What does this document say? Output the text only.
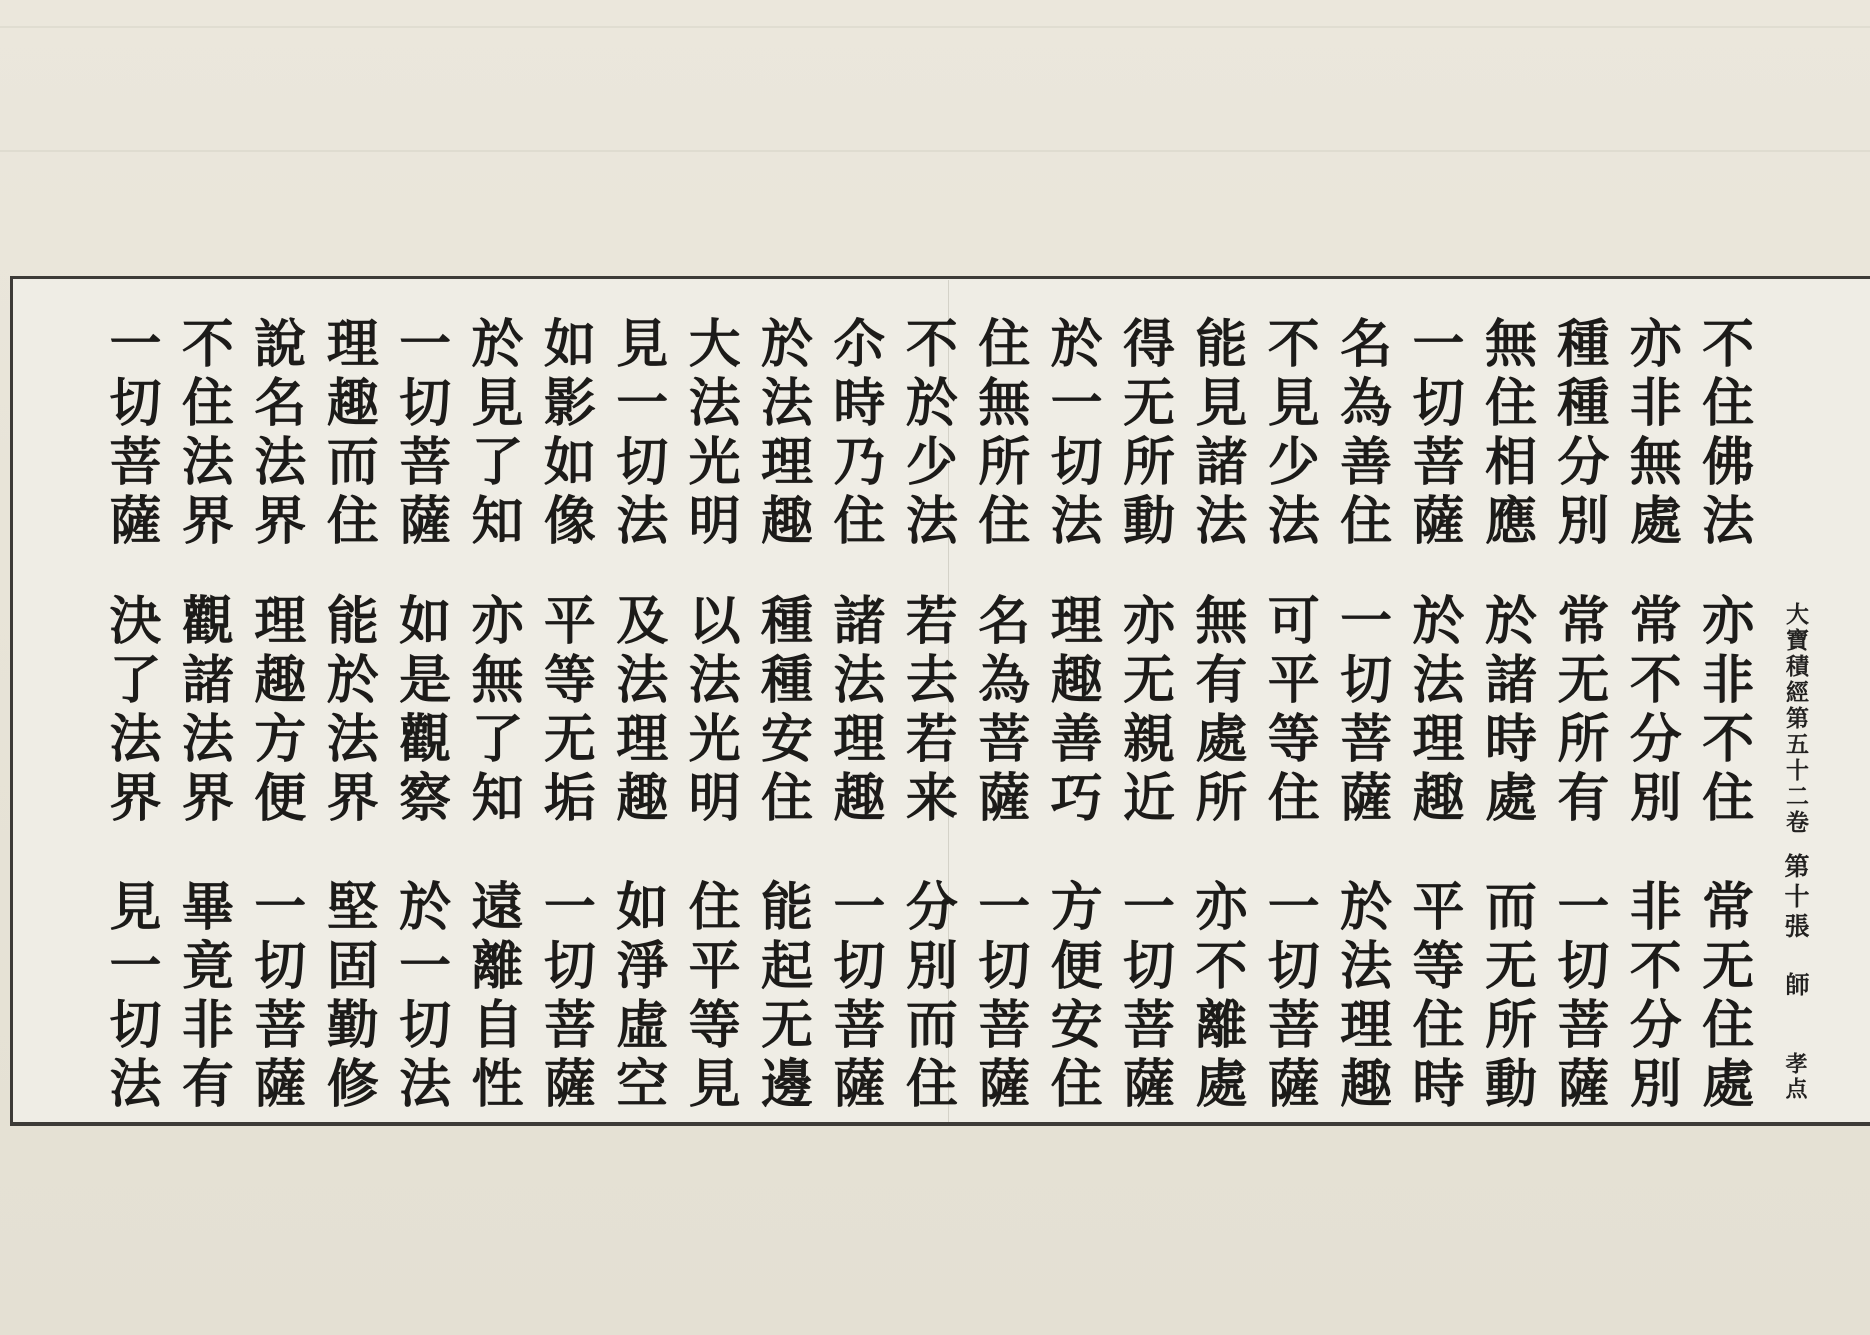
不住佛法
亦非不住
常无住處
亦非無處
常不分別
非不分別
種種分別
常无所有
一切菩薩
無住相應
於諸時處
而无所動
一切菩薩
於法理趣
平等住時
名為善住
一切菩薩
於法理趣
不見少法
可平等住
一切菩薩
能見諸法
無有處所
亦不離處
得无所動
亦无親近
一切菩薩
於一切法
理趣善巧
方便安住
住無所住
名為菩薩
一切菩薩
不於少法
若去若来
分別而住
尒時乃住
諸法理趣
一切菩薩
於法理趣
種種安住
能起无邊
大法光明
以法光明
住平等見
見一切法
及法理趣
如淨虛空
如影如像
平等无垢
一切菩薩
於見了知
亦無了知
遠離自性
一切菩薩
如是觀察
於一切法
理趣而住
能於法界
堅固勤修
說名法界
理趣方便
一切菩薩
不住法界
觀諸法界
畢竟非有
一切菩薩
決了法界
見一切法
大寶積經第五十二卷
第十張
師
孝点
